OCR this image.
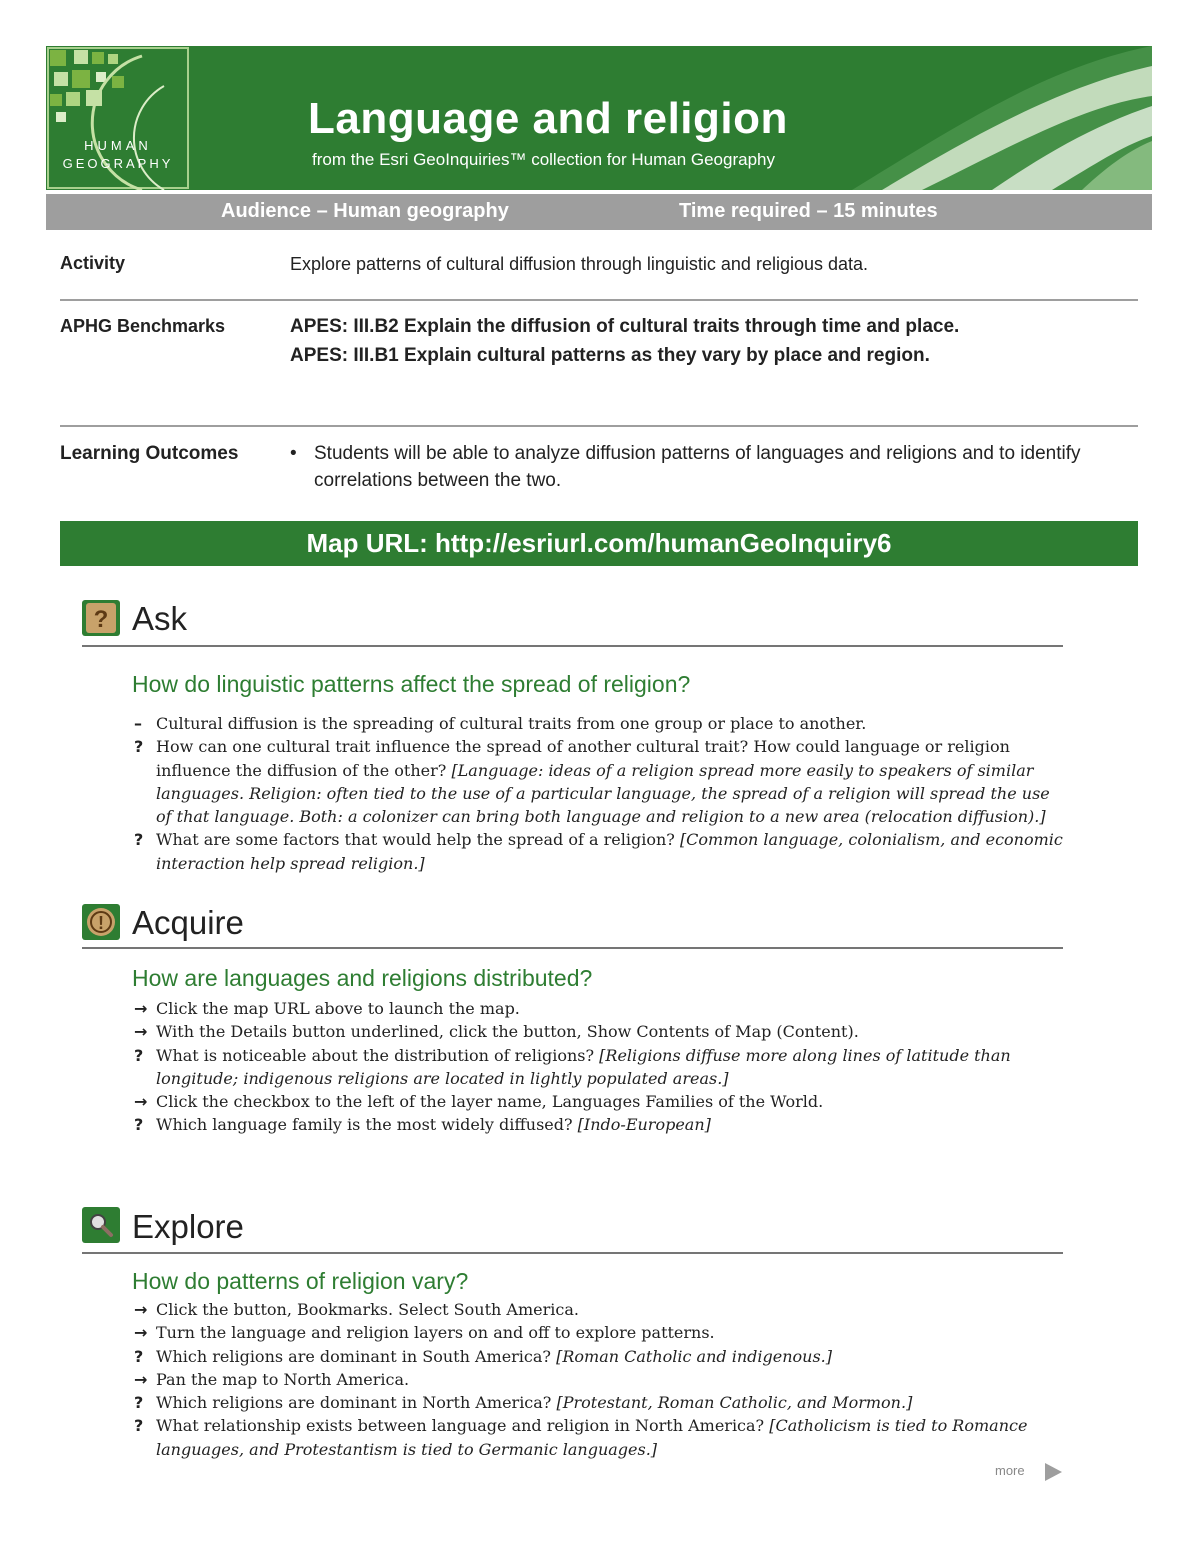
HUMAN
GEOGRAPHY
Language and religion
from the Esri GeoInquiries™ collection for Human Geography
Audience – Human geography	Time required – 15 minutes
Activity	Explore patterns of cultural diffusion through linguistic and religious data.
APHG Benchmarks	APES: III.B2 Explain the diffusion of cultural traits through time and place.
APES: III.B1 Explain cultural patterns as they vary by place and region.
Learning Outcomes	• Students will be able to analyze diffusion patterns of languages and religions and to identify correlations between the two.
Map URL: http://esriurl.com/humanGeoInquiry6
? Ask
How do linguistic patterns affect the spread of religion?
– Cultural diffusion is the spreading of cultural traits from one group or place to another.
? How can one cultural trait influence the spread of another cultural trait? How could language or religion influence the diffusion of the other? [Language: ideas of a religion spread more easily to speakers of similar languages. Religion: often tied to the use of a particular language, the spread of a religion will spread the use of that language. Both: a colonizer can bring both language and religion to a new area (relocation diffusion).]
? What are some factors that would help the spread of a religion? [Common language, colonialism, and economic interaction help spread religion.]
! Acquire
How are languages and religions distributed?
→ Click the map URL above to launch the map.
→ With the Details button underlined, click the button, Show Contents of Map (Content).
? What is noticeable about the distribution of religions? [Religions diffuse more along lines of latitude than longitude; indigenous religions are located in lightly populated areas.]
→ Click the checkbox to the left of the layer name, Languages Families of the World.
? Which language family is the most widely diffused? [Indo-European]
Explore
How do patterns of religion vary?
→ Click the button, Bookmarks. Select South America.
→ Turn the language and religion layers on and off to explore patterns.
? Which religions are dominant in South America? [Roman Catholic and indigenous.]
→ Pan the map to North America.
? Which religions are dominant in North America? [Protestant, Roman Catholic, and Mormon.]
? What relationship exists between language and religion in North America? [Catholicism is tied to Romance languages, and Protestantism is tied to Germanic languages.]
more
